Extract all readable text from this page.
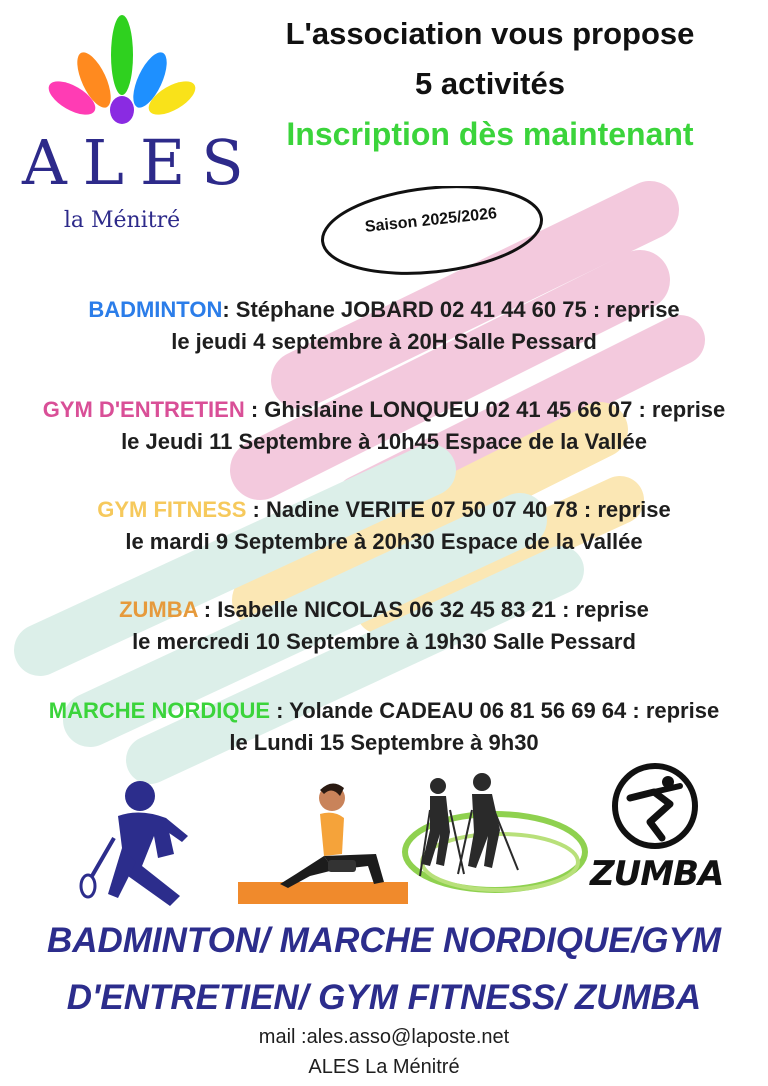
ALES
la Ménitré
L'association vous propose
5 activités
Inscription dès maintenant
Saison 2025/2026
BADMINTON: Stéphane JOBARD 02 41 44 60 75 : reprise
le jeudi 4 septembre à 20H Salle Pessard
GYM D'ENTRETIEN : Ghislaine LONQUEU 02 41 45 66 07 : reprise
le Jeudi 11 Septembre à 10h45 Espace de la Vallée
GYM FITNESS : Nadine VERITE 07 50 07 40 78 : reprise
le mardi 9 Septembre à 20h30 Espace de la Vallée
ZUMBA : Isabelle NICOLAS 06 32 45 83 21 : reprise
le mercredi 10 Septembre à 19h30 Salle Pessard
MARCHE NORDIQUE : Yolande CADEAU 06 81 56 69 64 : reprise
le Lundi 15 Septembre à 9h30
ZUMBA
BADMINTON/ MARCHE NORDIQUE/GYM
D'ENTRETIEN/ GYM FITNESS/ ZUMBA
mail :ales.asso@laposte.net
ALES La Ménitré
